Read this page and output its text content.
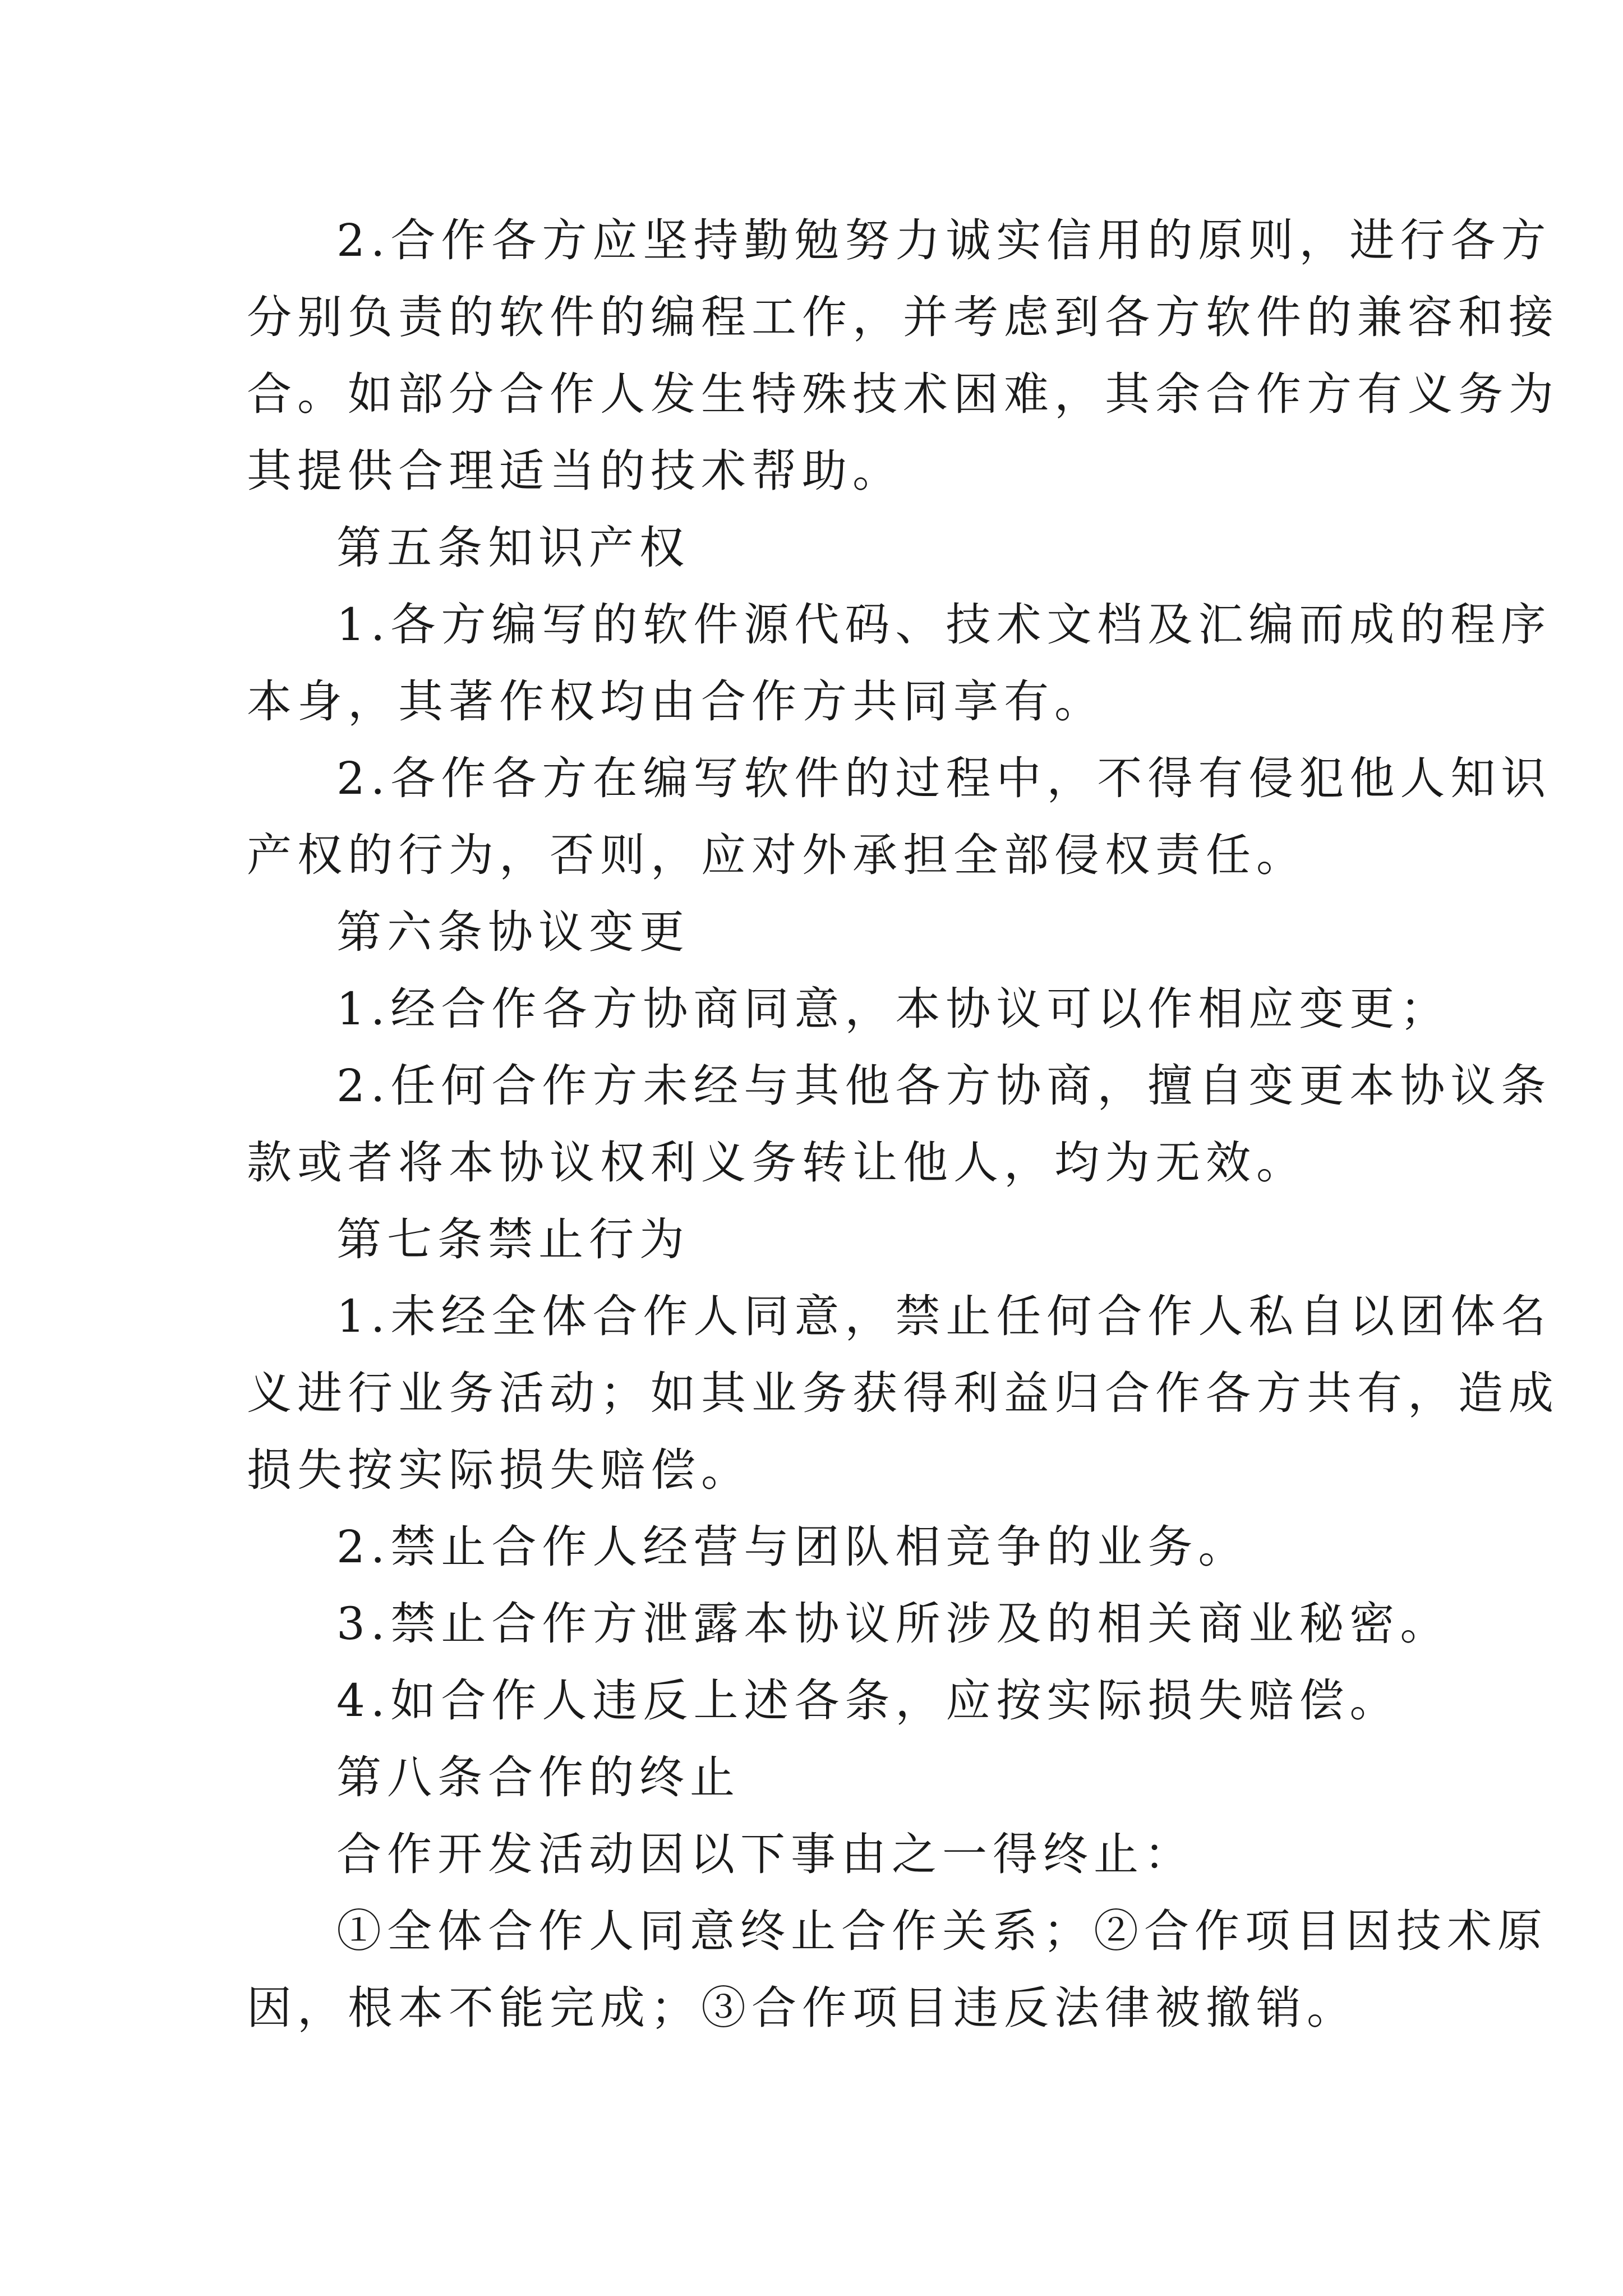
2.合作各方应坚持勤勉努力诚实信用的原则，进行各方
分别负责的软件的编程工作，并考虑到各方软件的兼容和接
合。如部分合作人发生特殊技术困难，其余合作方有义务为
其提供合理适当的技术帮助。
第五条知识产权
1.各方编写的软件源代码、技术文档及汇编而成的程序
本身，其著作权均由合作方共同享有。
2.各作各方在编写软件的过程中，不得有侵犯他人知识
产权的行为，否则，应对外承担全部侵权责任。
第六条协议变更
1.经合作各方协商同意，本协议可以作相应变更；
2.任何合作方未经与其他各方协商，擅自变更本协议条
款或者将本协议权利义务转让他人，均为无效。
第七条禁止行为
1.未经全体合作人同意，禁止任何合作人私自以团体名
义进行业务活动；如其业务获得利益归合作各方共有，造成
损失按实际损失赔偿。
2.禁止合作人经营与团队相竞争的业务。
3.禁止合作方泄露本协议所涉及的相关商业秘密。
4.如合作人违反上述各条，应按实际损失赔偿。
第八条合作的终止
合作开发活动因以下事由之一得终止：
①全体合作人同意终止合作关系；②合作项目因技术原
因，根本不能完成；③合作项目违反法律被撤销。
